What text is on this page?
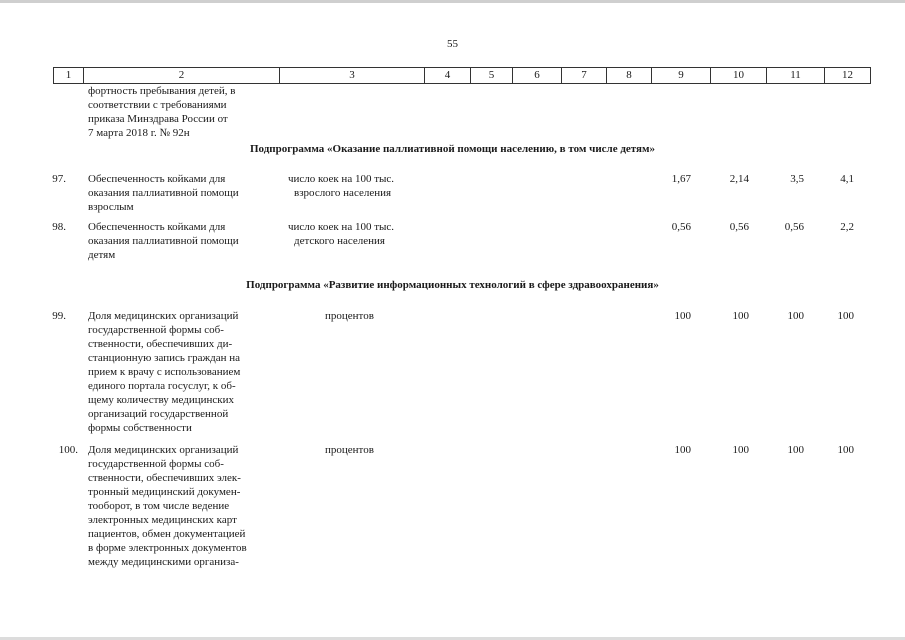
55
1	2	3	4	5	6	7	8	9	10	11	12
фортность пребывания детей, в
соответствии с требованиями
приказа Минздрава России от
7 марта 2018 г. № 92н
Подпрограмма «Оказание паллиативной помощи населению, в том числе детям»
97. Обеспеченность койками для
оказания паллиативной помощи
взрослым
число коек на 100 тыс.
взрослого населения
1,67	2,14	3,5	4,1
98. Обеспеченность койками для
оказания паллиативной помощи
детям
число коек на 100 тыс.
детского населения
0,56	0,56	0,56	2,2
Подпрограмма «Развитие информационных технологий в сфере здравоохранения»
99. Доля медицинских организаций
государственной формы соб-
ственности, обеспечивших ди-
станционную запись граждан на
прием к врачу с использованием
единого портала госуслуг, к об-
щему количеству медицинских
организаций государственной
формы собственности
процентов	100	100	100	100
100. Доля медицинских организаций
государственной формы соб-
ственности, обеспечивших элек-
тронный медицинский докумен-
тооборот, в том числе ведение
электронных медицинских карт
пациентов, обмен документацией
в форме электронных документов
между медицинскими организа-
процентов	100	100	100	100
